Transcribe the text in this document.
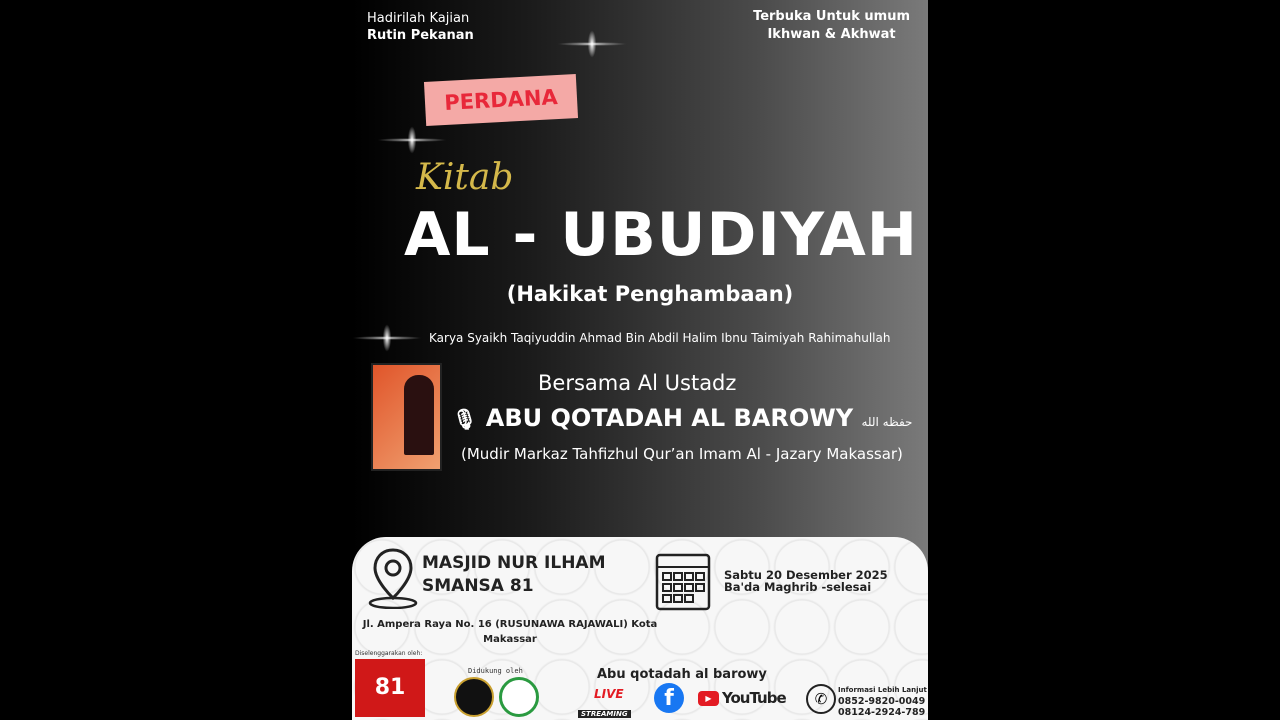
Hadirilah Kajian
Rutin Pekanan
Terbuka Untuk umum
Ikhwan & Akhwat
PERDANA
Kitab
AL - UBUDIYAH
(Hakikat Penghambaan)
Karya Syaikh Taqiyuddin Ahmad Bin Abdil Halim Ibnu Taimiyah Rahimahullah
Bersama Al Ustadz
🎙 ABU QOTADAH AL BAROWY حفظه الله
(Mudir Markaz Tahfizhul Qur’an Imam Al - Jazary Makassar)
MASJID NUR ILHAM
SMANSA 81
Jl. Ampera Raya No. 16 (RUSUNAWA RAJAWALI) Kota Makassar
Sabtu 20 Desember 2025
Ba'da Maghrib -selesai
Diselenggarakan oleh:
81
Didukung oleh	Abu qotadah al barowy
LIVE
STREAMING
f	▶ YouTube	✆	Informasi Lebih Lanjut
0852-9820-0049
08124-2924-789
